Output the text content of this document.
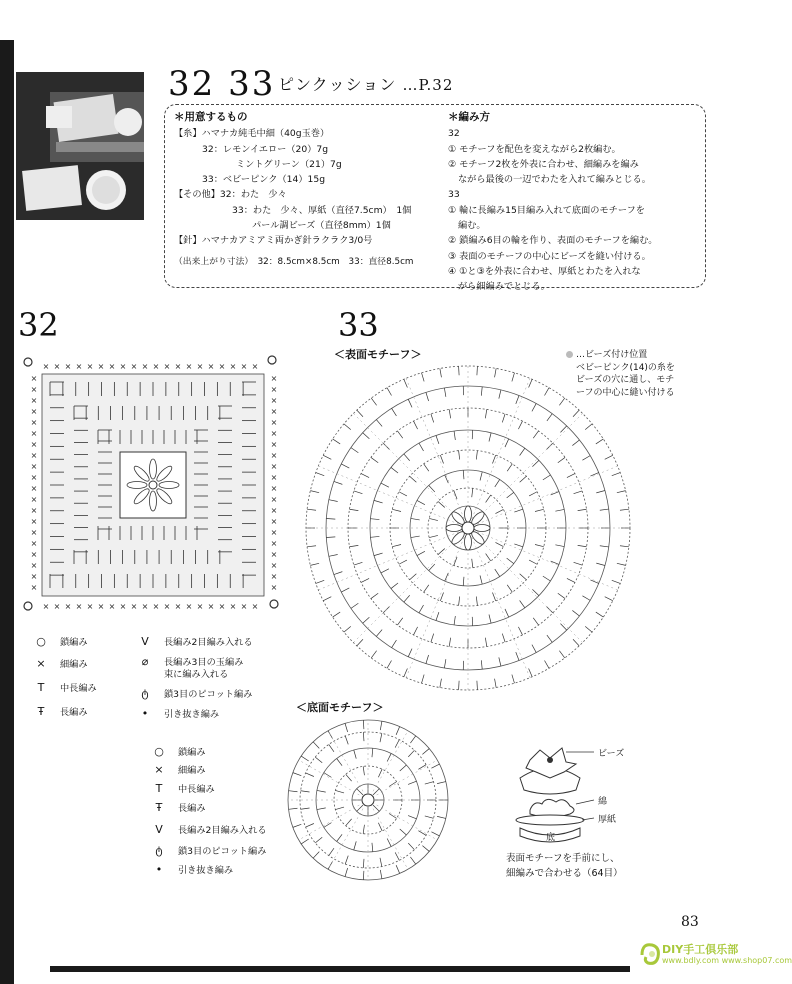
32 33 ピンクッション …P.32
＊用意するもの
【糸】ハマナカ純毛中細（40g玉巻）
32：レモンイエロー（20）7g
ミントグリーン（21）7g
33：ベビーピンク（14）15g
【その他】32：わた　少々
33：わた　少々、厚紙（直径7.5cm）　1個
パール調ビーズ（直径8mm）1個
【針】ハマナカアミアミ両かぎ針ラクラク3/0号
（出来上がり寸法）　32：8.5cm×8.5cm　33：直径8.5cm
＊編み方
32
① モチーフを配色を変えながら2枚編む。
② モチーフ2枚を外表に合わせ、細編みを編み
ながら最後の一辺でわたを入れて編みとじる。
33
① 輪に長編み15目編み入れて底面のモチーフを
編む。
② 鎖編み6目の輪を作り、表面のモチーフを編む。
③ 表面のモチーフの中心にビーズを縫い付ける。
④ ①と③を外表に合わせ、厚紙とわたを入れな
がら細編みでとじる。
32	33
＜表面モチーフ＞
＜底面モチーフ＞
…ビーズ付け位置
ベビーピンク(14)の糸を
ビーズの穴に通し、モチ
ーフの中心に縫い付ける
×
×
×	×
×
×
×	×
×
×
×	×
×
×
×	×
×
×
×	×
×
×
×	×
×
×
×	×
×
×
×	×
×
×
×	×
×
×
×	×
×
×
×	×
×
×
×	×
×
×
×	×
×
×
×	×
×
×
×	×
×
×
×	×
×
×
×	×
×
×
×	×
×
×
×	×
×
×
×	×
○	鎖編み
×	細編み
T	中長編み
Ŧ	長編み
V	長編み2目編み入れる
⌀	長編み3目の玉編み
束に編み入れる
ტ	鎖3目のピコット編み
•	引き抜き編み
○	鎖編み
×	細編み
T	中長編み
Ŧ	長編み
V	長編み2目編み入れる
ტ	鎖3目のピコット編み
•	引き抜き編み
ビーズ
綿
厚紙
底
表面モチーフを手前にし、
細編みで合わせる（64目）
83
DIY手工俱乐部
www.bdly.com www.shop07.com
